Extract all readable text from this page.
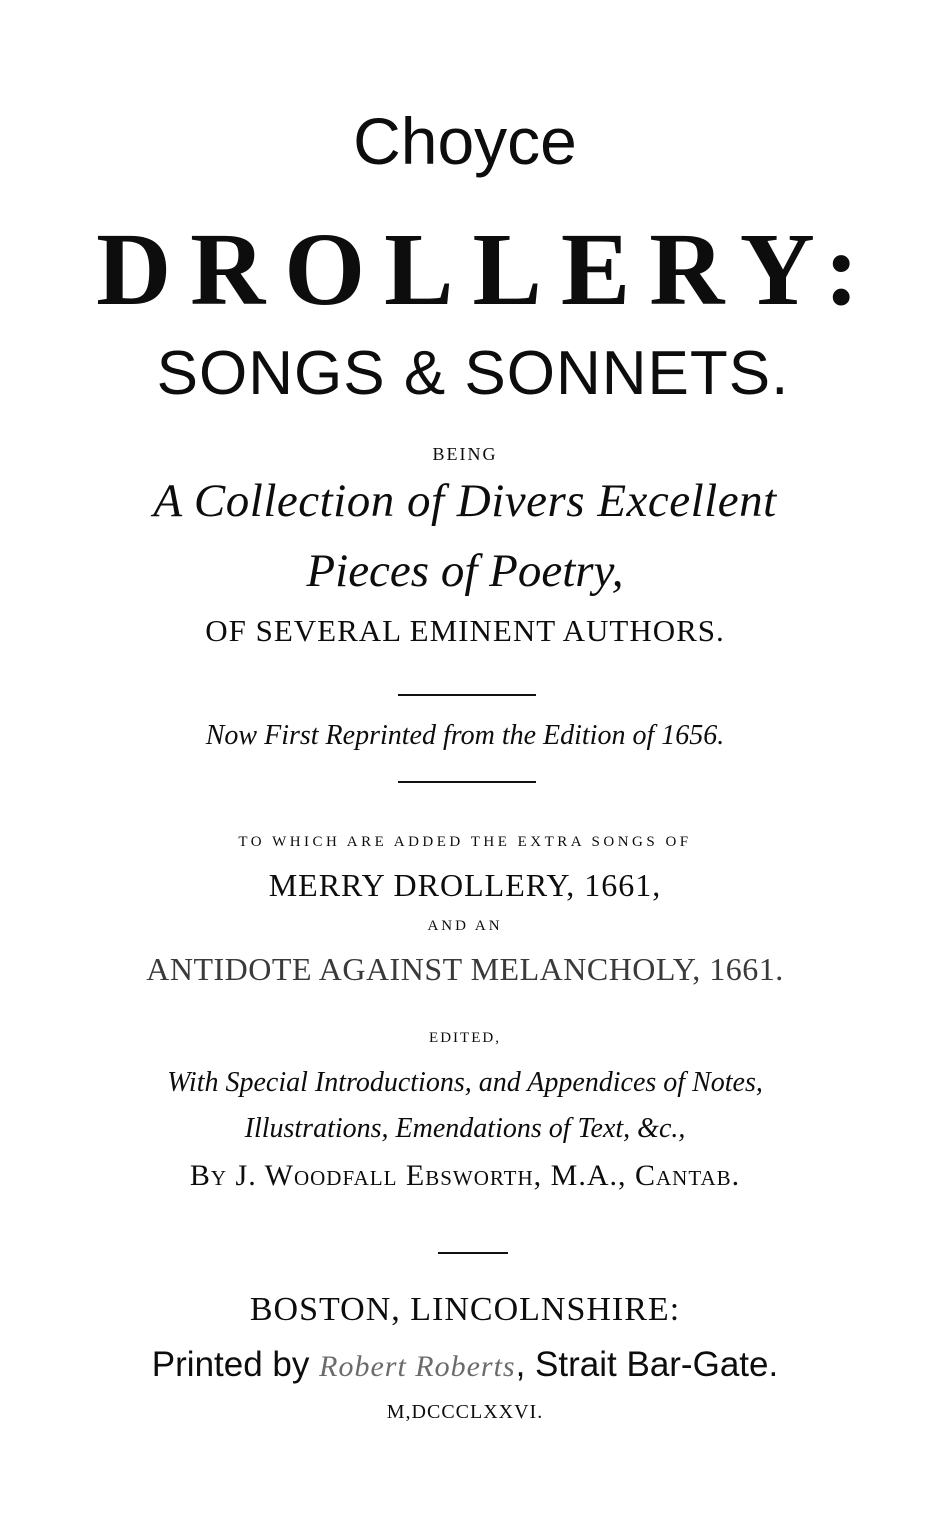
Choyce
DROLLERY:
SONGS & SONNETS.
BEING
A Collection of Divers Excellent
Pieces of Poetry,
OF SEVERAL EMINENT AUTHORS.
Now First Reprinted from the Edition of 1656.
TO WHICH ARE ADDED THE EXTRA SONGS OF
MERRY DROLLERY, 1661,
AND AN
ANTIDOTE AGAINST MELANCHOLY, 1661.
EDITED,
With Special Introductions, and Appendices of Notes,
Illustrations, Emendations of Text, &c.,
By J. Woodfall Ebsworth, M.A., Cantab.
BOSTON, LINCOLNSHIRE:
Printed by Robert Roberts, Strait Bar-Gate.
M,DCCCLXXVI.
